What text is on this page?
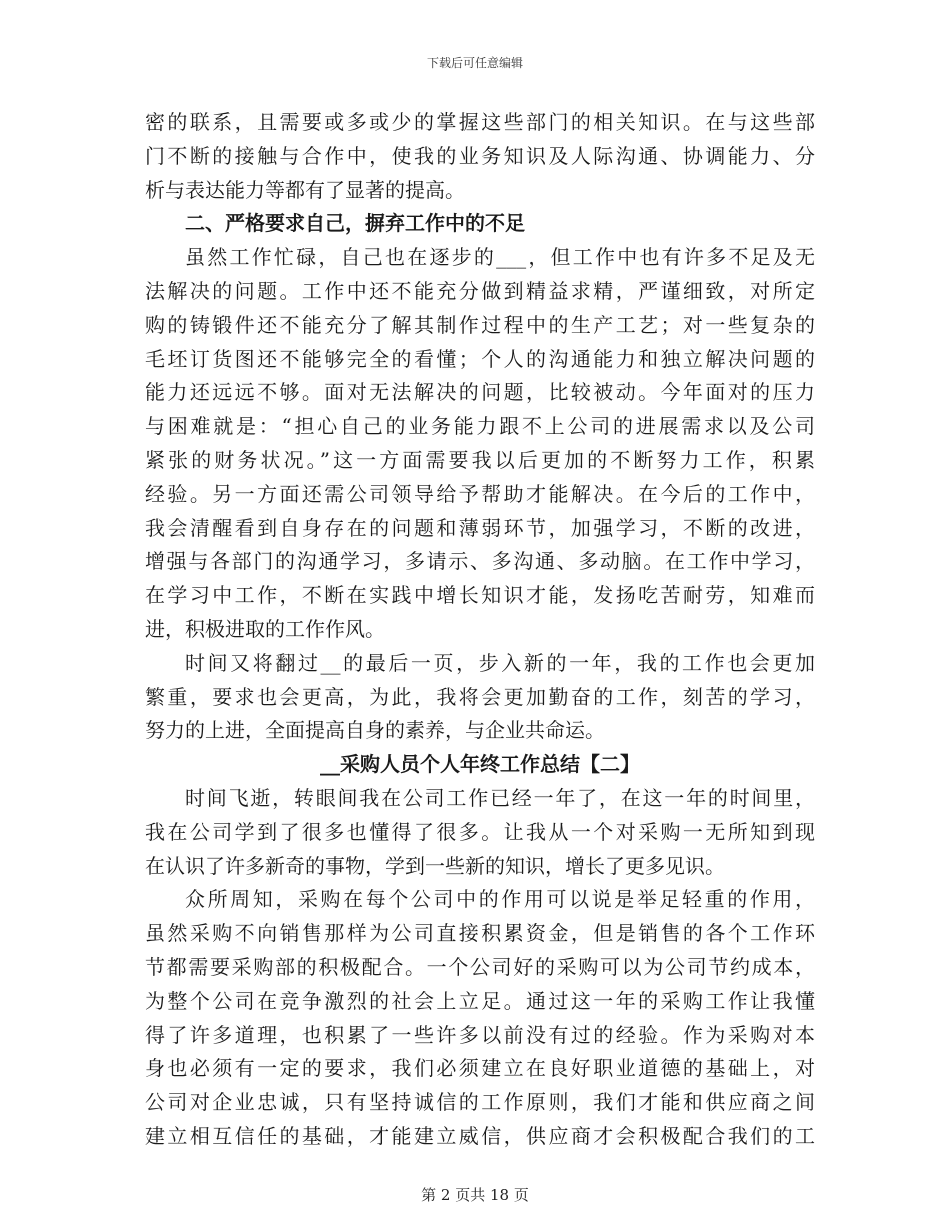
下载后可任意编辑
密的联系，且需要或多或少的掌握这些部门的相关知识。在与这些部
门不断的接触与合作中，使我的业务知识及人际沟通、协调能力、分
析与表达能力等都有了显著的提高。
二、严格要求自己，摒弃工作中的不足
虽然工作忙碌，自己也在逐步的___，但工作中也有许多不足及无
法解决的问题。工作中还不能充分做到精益求精，严谨细致，对所定
购的铸锻件还不能充分了解其制作过程中的生产工艺；对一些复杂的
毛坯订货图还不能够完全的看懂；个人的沟通能力和独立解决问题的
能力还远远不够。面对无法解决的问题，比较被动。今年面对的压力
与困难就是：“担心自己的业务能力跟不上公司的进展需求以及公司
紧张的财务状况。”这一方面需要我以后更加的不断努力工作，积累
经验。另一方面还需公司领导给予帮助才能解决。在今后的工作中，
我会清醒看到自身存在的问题和薄弱环节，加强学习，不断的改进，
增强与各部门的沟通学习，多请示、多沟通、多动脑。在工作中学习，
在学习中工作，不断在实践中增长知识才能，发扬吃苦耐劳，知难而
进，积极进取的工作作风。
时间又将翻过__的最后一页，步入新的一年，我的工作也会更加
繁重，要求也会更高，为此，我将会更加勤奋的工作，刻苦的学习，
努力的上进，全面提高自身的素养，与企业共命运。
__采购人员个人年终工作总结【二】
时间飞逝，转眼间我在公司工作已经一年了，在这一年的时间里，
我在公司学到了很多也懂得了很多。让我从一个对采购一无所知到现
在认识了许多新奇的事物，学到一些新的知识，增长了更多见识。
众所周知，采购在每个公司中的作用可以说是举足轻重的作用，
虽然采购不向销售那样为公司直接积累资金，但是销售的各个工作环
节都需要采购部的积极配合。一个公司好的采购可以为公司节约成本，
为整个公司在竞争激烈的社会上立足。通过这一年的采购工作让我懂
得了许多道理，也积累了一些许多以前没有过的经验。作为采购对本
身也必须有一定的要求，我们必须建立在良好职业道德的基础上，对
公司对企业忠诚，只有坚持诚信的工作原则，我们才能和供应商之间
建立相互信任的基础，才能建立威信，供应商才会积极配合我们的工
第 2 页共 18 页
